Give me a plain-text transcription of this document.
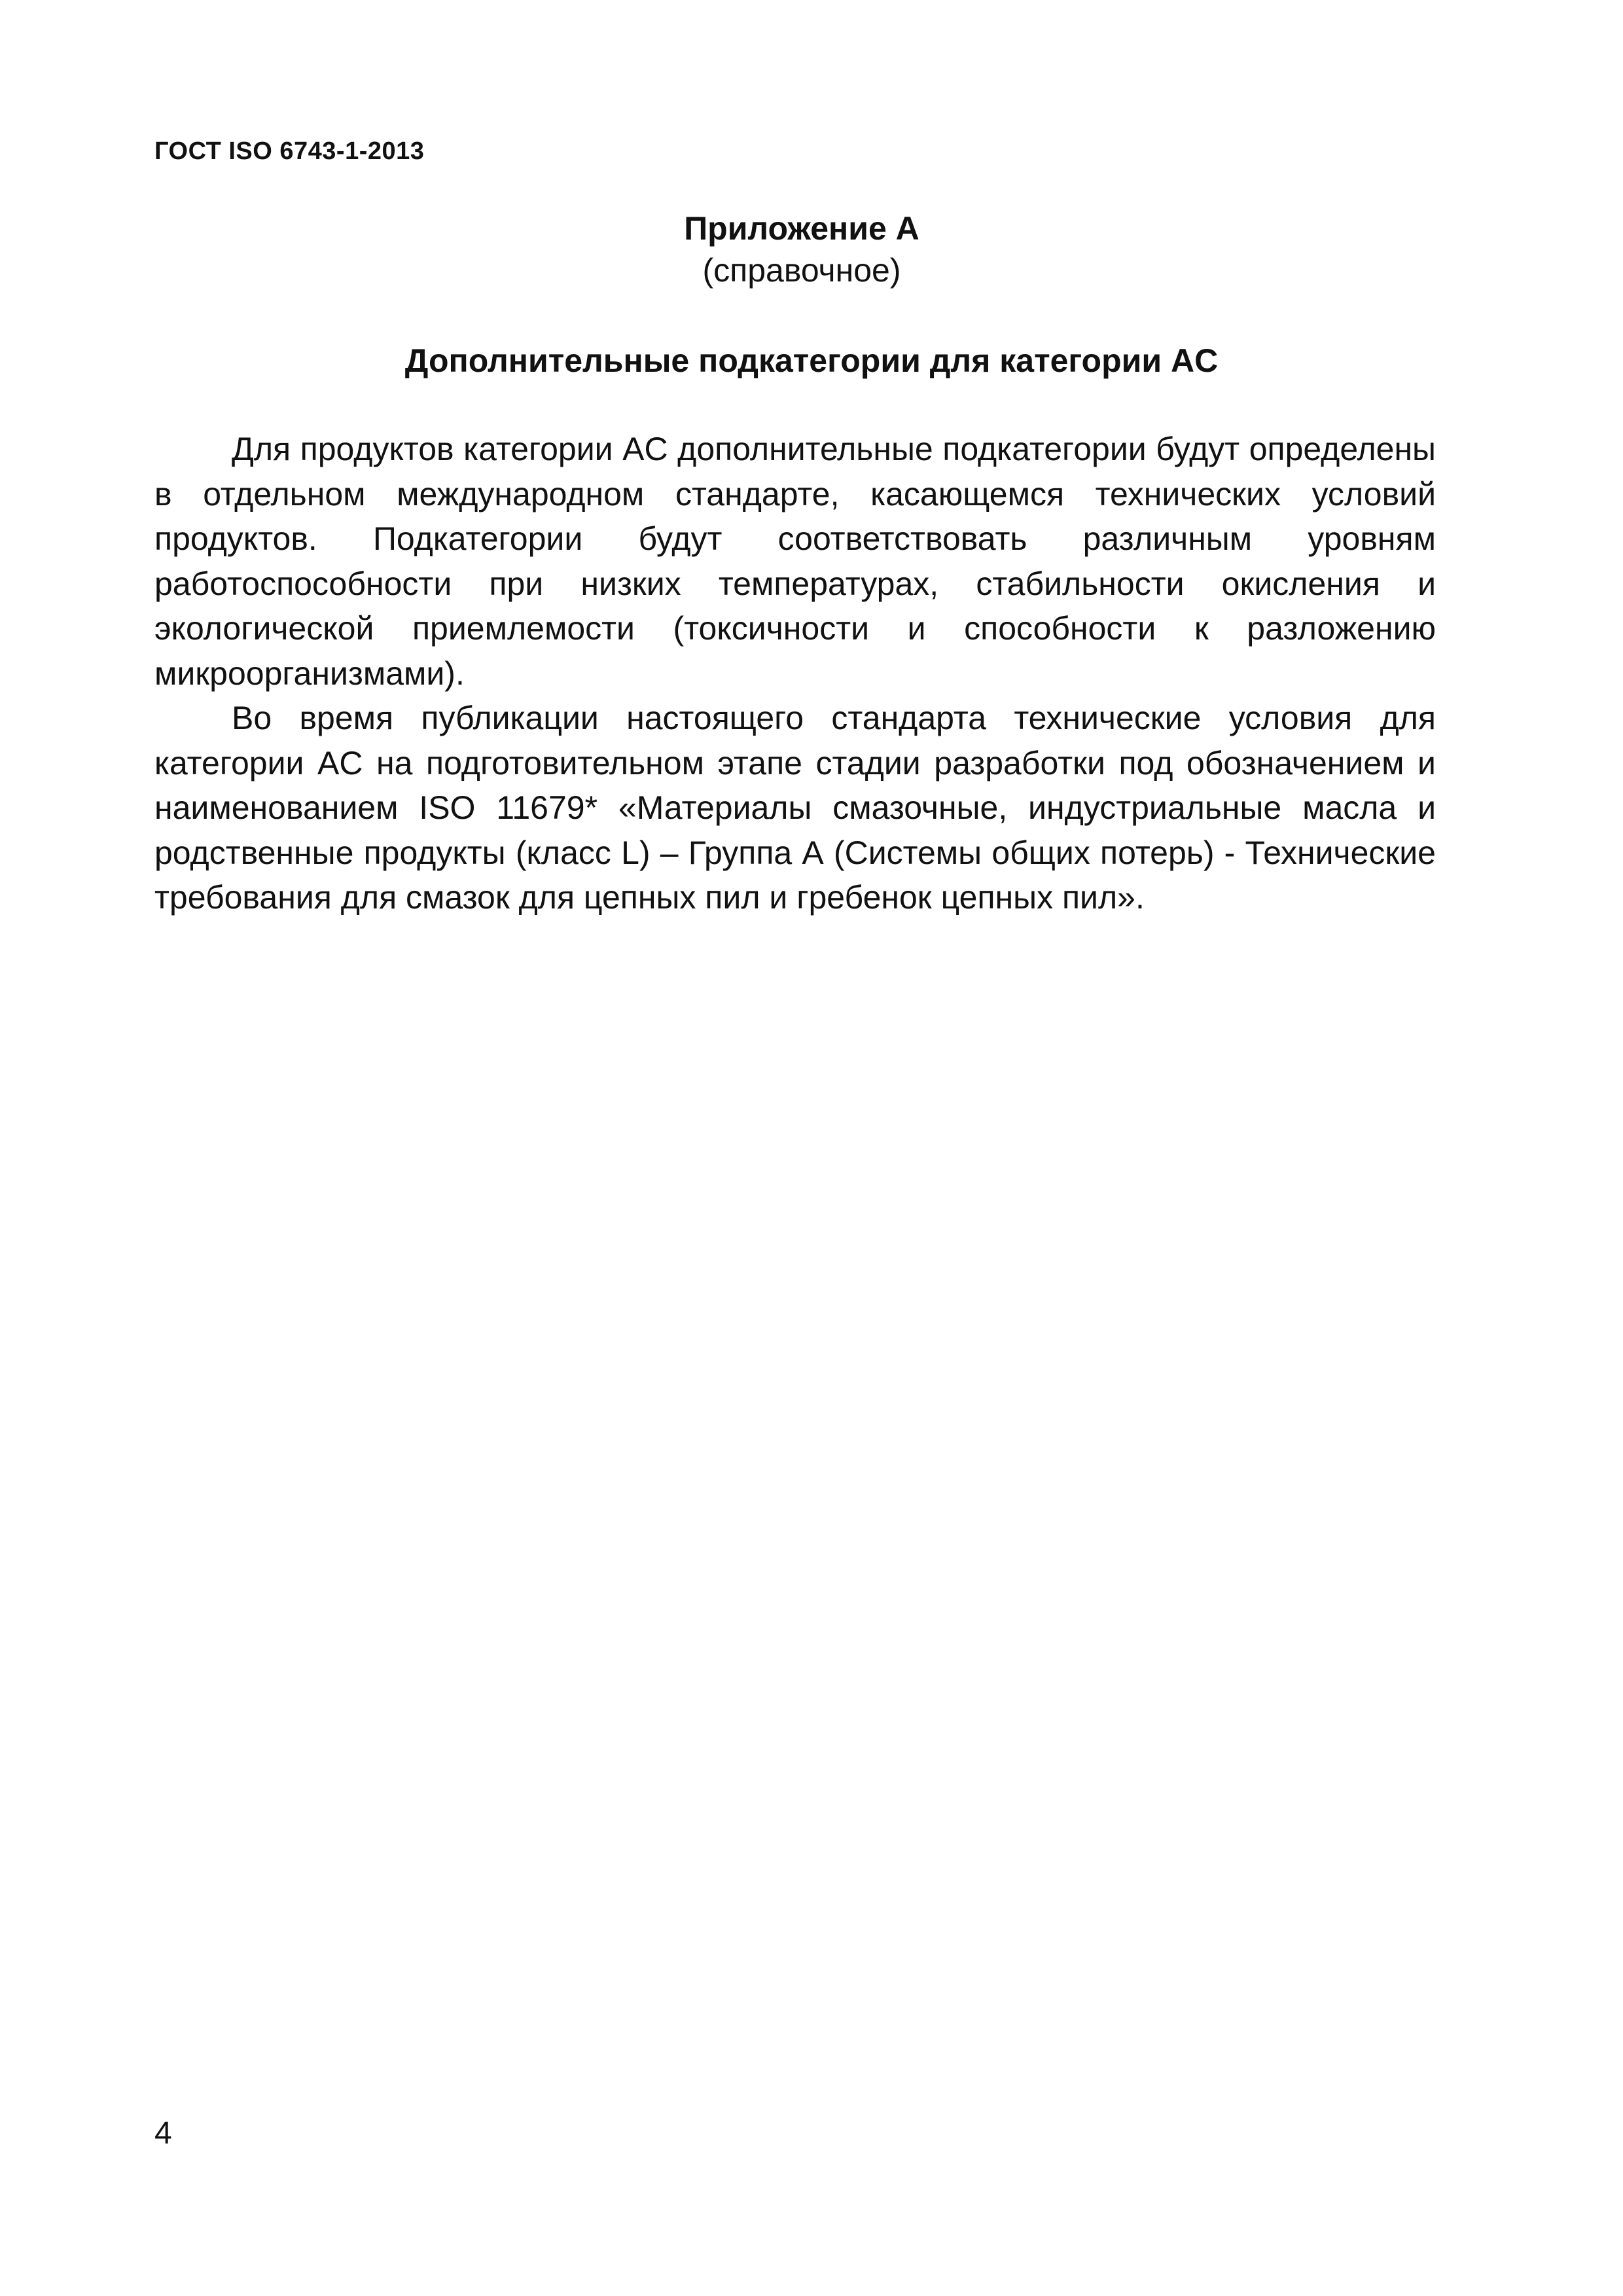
ГОСТ ISO 6743-1-2013
Приложение А
(справочное)
Дополнительные подкатегории для категории AC

Для продуктов категории AC дополнительные подкатегории будут определены в отдельном международном стандарте, касающемся технических условий продуктов. Подкатегории будут соответствовать различным уровням работоспособности при низких температурах, стабильности окисления и экологической приемлемости (токсичности и способности к разложению микроорганизмами).

Во время публикации настоящего стандарта технические условия для категории AC на подготовительном этапе стадии разработки под обозначением и наименованием ISO 11679* «Материалы смазочные, индустриальные масла и родственные продукты (класс L) – Группа А (Системы общих потерь) - Технические требования для смазок для цепных пил и гребенок цепных пил».

4
